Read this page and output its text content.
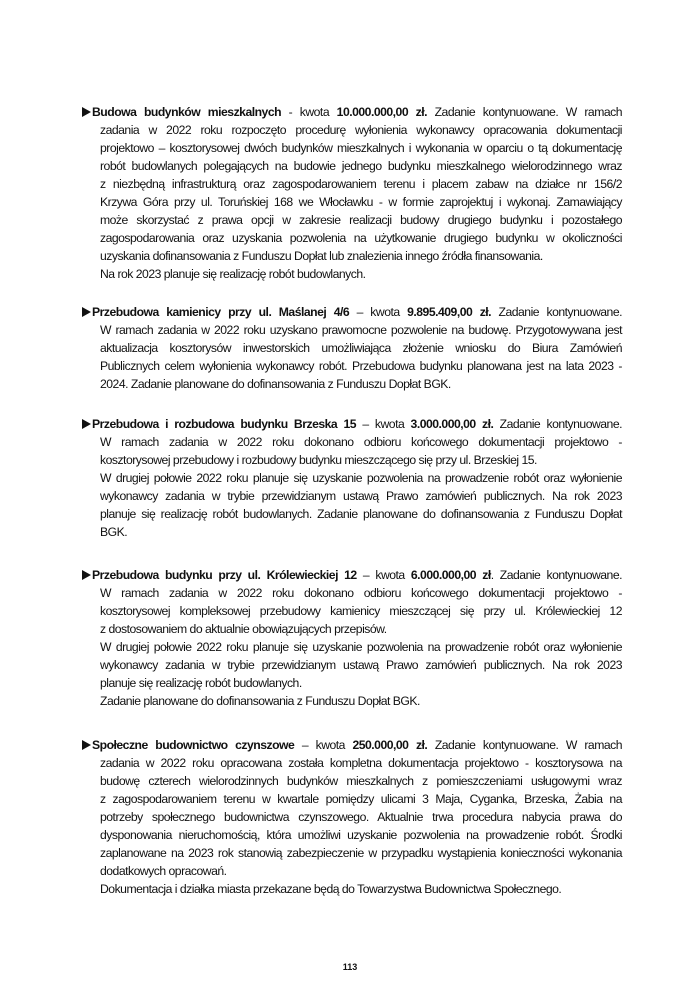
Budowa budynków mieszkalnych - kwota 10.000.000,00 zł. Zadanie kontynuowane. W ramach
zadania w 2022 roku rozpoczęto procedurę wyłonienia wykonawcy opracowania dokumentacji
projektowo – kosztorysowej dwóch budynków mieszkalnych i wykonania w oparciu o tą dokumentację
robót budowlanych polegających na budowie jednego budynku mieszkalnego wielorodzinnego wraz
z niezbędną infrastrukturą oraz zagospodarowaniem terenu i placem zabaw na działce nr 156/2
Krzywa Góra przy ul. Toruńskiej 168 we Włocławku - w formie zaprojektuj i wykonaj. Zamawiający
może skorzystać z prawa opcji w zakresie realizacji budowy drugiego budynku i pozostałego
zagospodarowania oraz uzyskania pozwolenia na użytkowanie drugiego budynku w okoliczności
uzyskania dofinansowania z Funduszu Dopłat lub znalezienia innego źródła finansowania.
Na rok 2023 planuje się realizację robót budowlanych.
Przebudowa kamienicy przy ul. Maślanej 4/6 – kwota 9.895.409,00 zł. Zadanie kontynuowane.
W ramach zadania w 2022 roku uzyskano prawomocne pozwolenie na budowę. Przygotowywana jest
aktualizacja kosztorysów inwestorskich umożliwiająca złożenie wniosku do Biura Zamówień
Publicznych celem wyłonienia wykonawcy robót. Przebudowa budynku planowana jest na lata 2023 -
2024. Zadanie planowane do dofinansowania z Funduszu Dopłat BGK.
Przebudowa i rozbudowa budynku Brzeska 15 – kwota 3.000.000,00 zł. Zadanie kontynuowane.
W ramach zadania w 2022 roku dokonano odbioru końcowego dokumentacji projektowo -
kosztorysowej przebudowy i rozbudowy budynku mieszczącego się przy ul. Brzeskiej 15.
W drugiej połowie 2022 roku planuje się uzyskanie pozwolenia na prowadzenie robót oraz wyłonienie
wykonawcy zadania w trybie przewidzianym ustawą Prawo zamówień publicznych. Na rok 2023
planuje się realizację robót budowlanych. Zadanie planowane do dofinansowania z Funduszu Dopłat
BGK.
Przebudowa budynku przy ul. Królewieckiej 12 – kwota 6.000.000,00 zł. Zadanie kontynuowane.
W ramach zadania w 2022 roku dokonano odbioru końcowego dokumentacji projektowo -
kosztorysowej kompleksowej przebudowy kamienicy mieszczącej się przy ul. Królewieckiej 12
z dostosowaniem do aktualnie obowiązujących przepisów.
W drugiej połowie 2022 roku planuje się uzyskanie pozwolenia na prowadzenie robót oraz wyłonienie
wykonawcy zadania w trybie przewidzianym ustawą Prawo zamówień publicznych. Na rok 2023
planuje się realizację robót budowlanych.
Zadanie planowane do dofinansowania z Funduszu Dopłat BGK.
Społeczne budownictwo czynszowe – kwota 250.000,00 zł. Zadanie kontynuowane. W ramach
zadania w 2022 roku opracowana została kompletna dokumentacja projektowo - kosztorysowa na
budowę czterech wielorodzinnych budynków mieszkalnych z pomieszczeniami usługowymi wraz
z zagospodarowaniem terenu w kwartale pomiędzy ulicami 3 Maja, Cyganka, Brzeska, Żabia na
potrzeby społecznego budownictwa czynszowego. Aktualnie trwa procedura nabycia prawa do
dysponowania nieruchomością, która umożliwi uzyskanie pozwolenia na prowadzenie robót. Środki
zaplanowane na 2023 rok stanowią zabezpieczenie w przypadku wystąpienia konieczności wykonania
dodatkowych opracowań.
Dokumentacja i działka miasta przekazane będą do Towarzystwa Budownictwa Społecznego.
113
